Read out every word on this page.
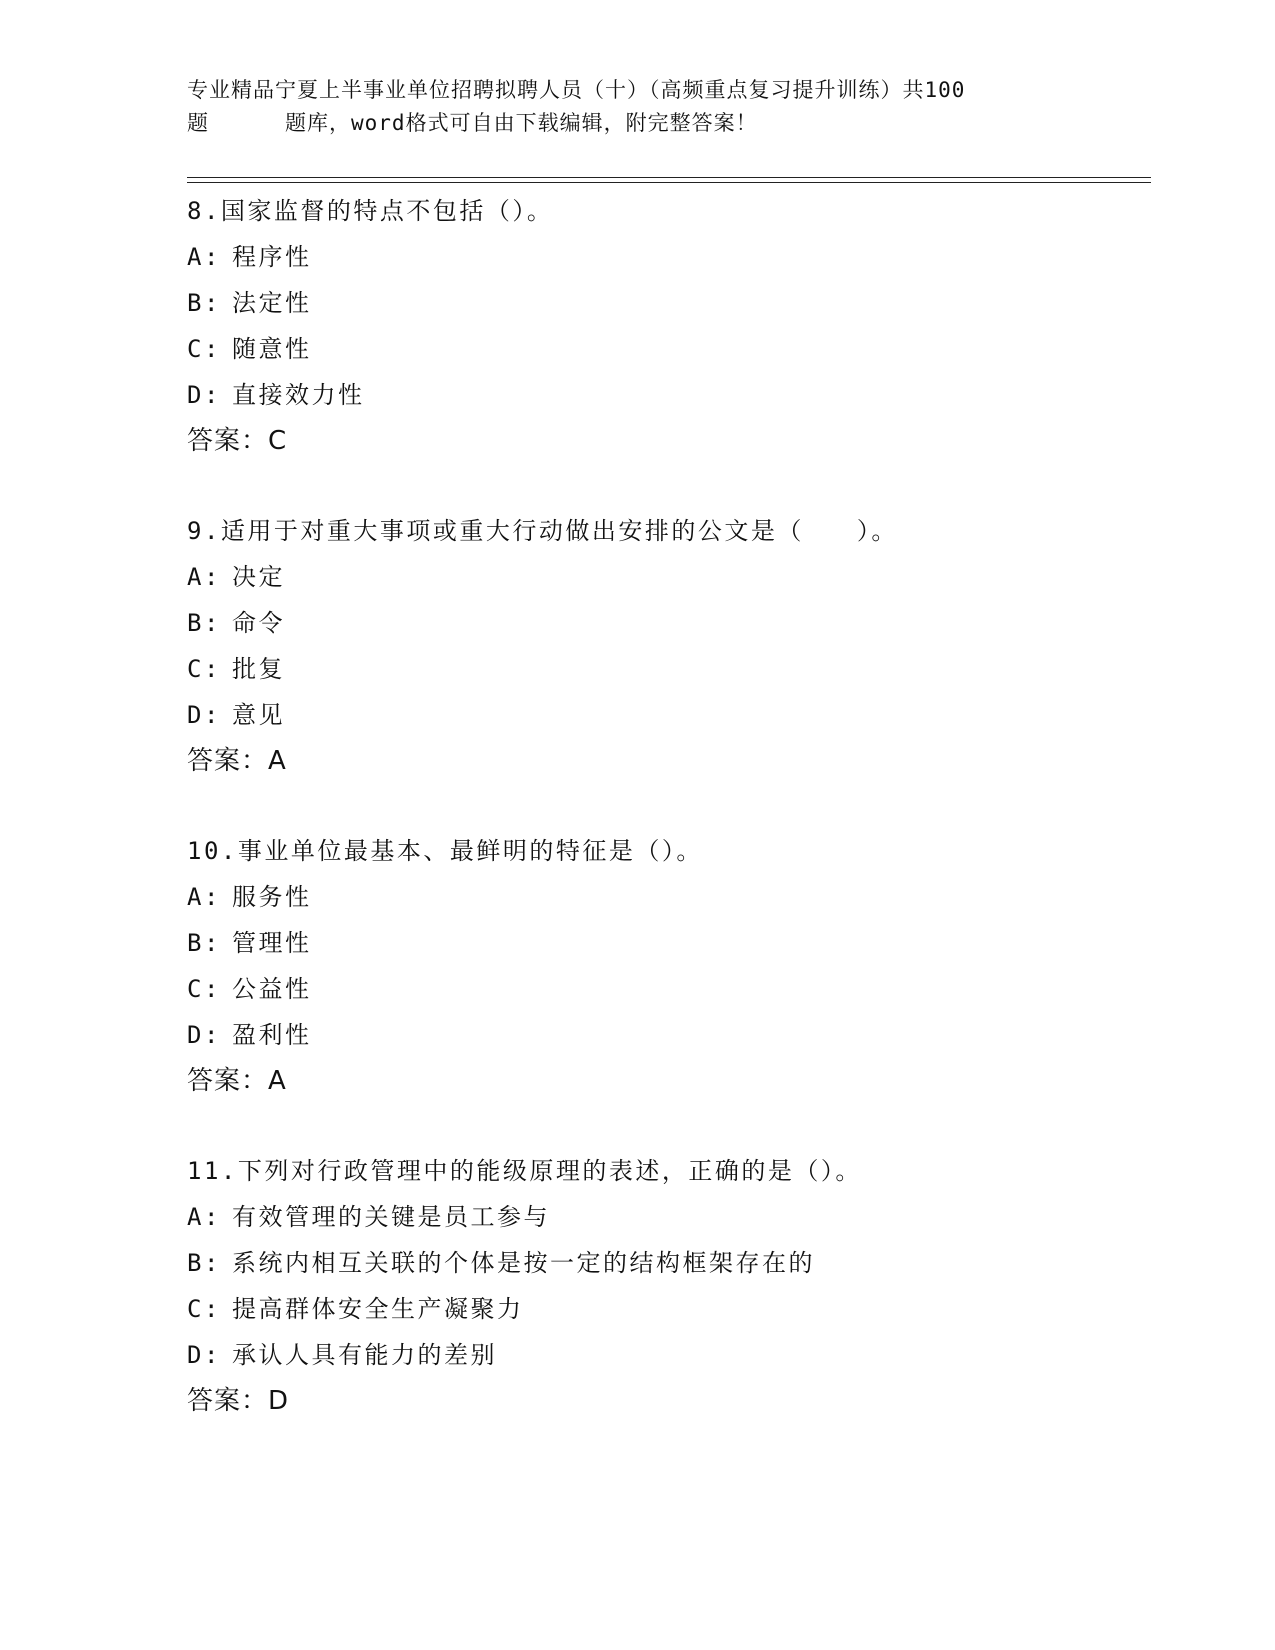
专业精品宁夏上半事业单位招聘拟聘人员（十）（高频重点复习提升训练）共100
题	题库，word格式可自由下载编辑，附完整答案！
8.国家监督的特点不包括（）。
A: 程序性
B: 法定性
C: 随意性
D: 直接效力性
答案：C
9.适用于对重大事项或重大行动做出安排的公文是（　　）。
A: 决定
B: 命令
C: 批复
D: 意见
答案：A
10.事业单位最基本、最鲜明的特征是（）。
A: 服务性
B: 管理性
C: 公益性
D: 盈利性
答案：A
11.下列对行政管理中的能级原理的表述，正确的是（）。
A: 有效管理的关键是员工参与
B: 系统内相互关联的个体是按一定的结构框架存在的
C: 提高群体安全生产凝聚力
D: 承认人具有能力的差别
答案：D
